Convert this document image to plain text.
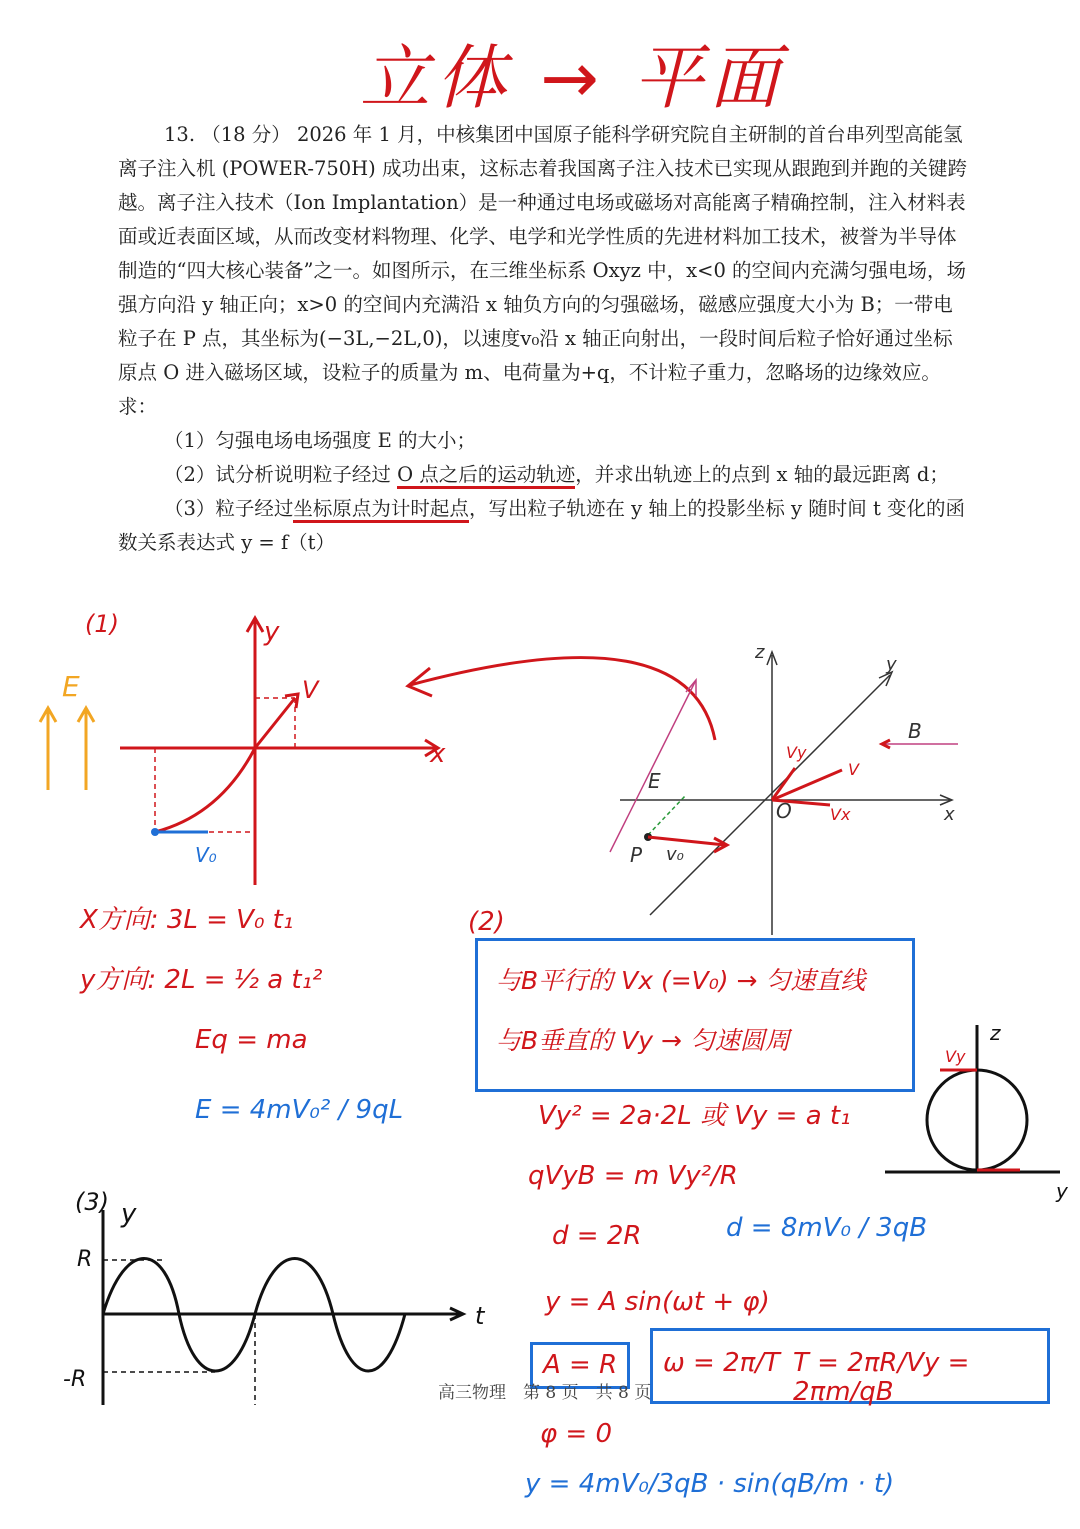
立体 → 平面

13. （18 分） 2026 年 1 月，中核集团中国原子能科学研究院自主研制的首台串列型高能氢离子注入机 (POWER-750H) 成功出束，这标志着我国离子注入技术已实现从跟跑到并跑的关键跨越。离子注入技术（Ion Implantation）是一种通过电场或磁场对高能离子精确控制，注入材料表面或近表面区域，从而改变材料物理、化学、电学和光学性质的先进材料加工技术，被誉为半导体制造的“四大核心装备”之一。如图所示，在三维坐标系 Oxyz 中，x<0 的空间内充满匀强电场，场强方向沿 y 轴正向；x>0 的空间内充满沿 x 轴负方向的匀强磁场，磁感应强度大小为 B；一带电粒子在 P 点，其坐标为(−3L,−2L,0)，以速度v₀沿 x 轴正向射出，一段时间后粒子恰好通过坐标原点 O 进入磁场区域，设粒子的质量为 m、电荷量为+q，不计粒子重力，忽略场的边缘效应。求：

（1）匀强电场电场强度 E 的大小；

（2）试分析说明粒子经过 O 点之后的运动轨迹，并求出轨迹上的点到 x 轴的最远距离 d；

（3）粒子经过坐标原点为计时起点，写出粒子轨迹在 y 轴上的投影坐标 y 随时间 t 变化的函数关系表达式 y = f（t）

(1)	y
x
V
V₀
E
z
y
x
B
E
O
P v₀
Vy
V
Vx
X方向: 3L = V₀ t₁
y方向: 2L = ½ a t₁²
Eq = ma
E = 4mV₀² / 9qL
(2)
与B平行的 Vx (=V₀) → 匀速直线
与B垂直的 Vy → 匀速圆周
Vy² = 2a·2L 或 Vy = a t₁
qVyB = m Vy²/R
d = 2R	d = 8mV₀ / 3qB
z
Vy
y
(3) y
t
R
-R
y = A sin(ωt + φ)
A = R	ω = 2π/T T = 2πR/Vy = 2πm/qB
φ = 0
y = 4mV₀/3qB · sin(qB/m · t)
高三物理　第 8 页　共 8 页
